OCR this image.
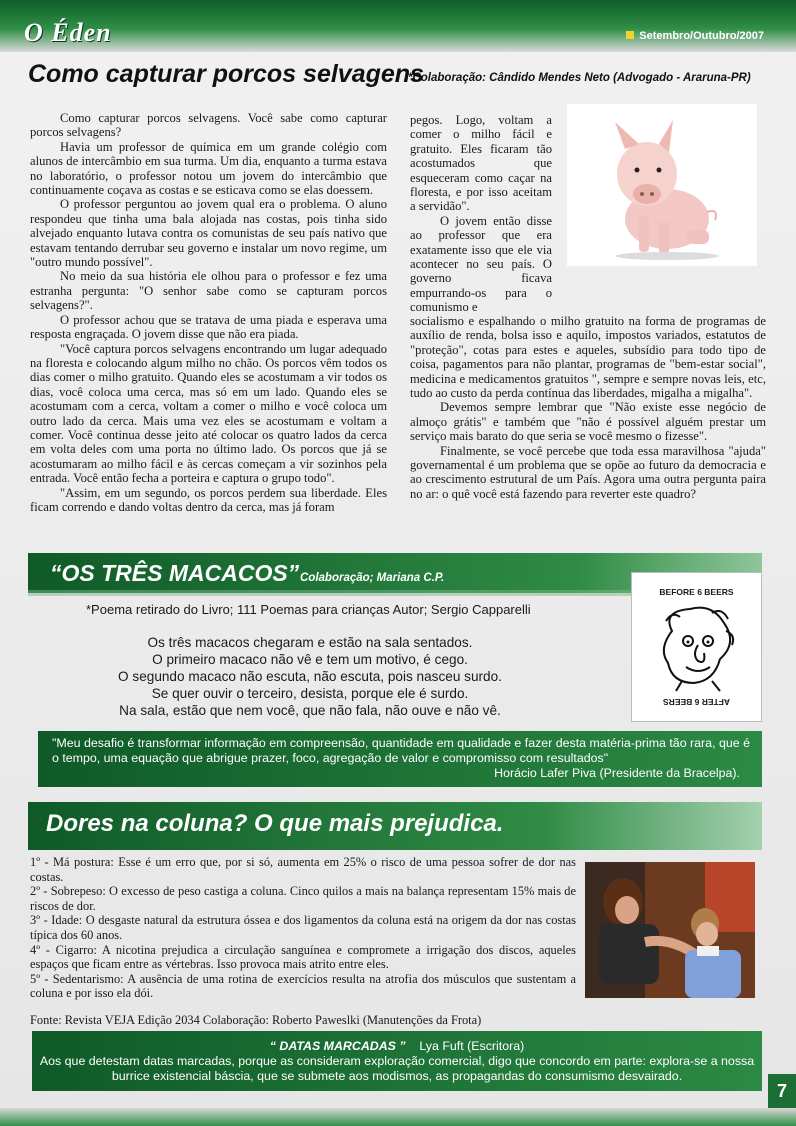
O Éden	Setembro/Outubro/2007
Como capturar porcos selvagens
*Colaboração: Cândido Mendes Neto (Advogado - Araruna-PR)

Como capturar porcos selvagens. Você sabe como capturar porcos selvagens?

Havia um professor de química em um grande colégio com alunos de intercâmbio em sua turma. Um dia, enquanto a turma estava no laboratório, o professor notou um jovem do intercâmbio que continuamente coçava as costas e se esticava como se elas doessem.

O professor perguntou ao jovem qual era o problema. O aluno respondeu que tinha uma bala alojada nas costas, pois tinha sido alvejado enquanto lutava contra os comunistas de seu país nativo que estavam tentando derrubar seu governo e instalar um novo regime, um "outro mundo possível".

No meio da sua história ele olhou para o professor e fez uma estranha pergunta: "O senhor sabe como se capturam porcos selvagens?".

O professor achou que se tratava de uma piada e esperava uma resposta engraçada. O jovem disse que não era piada.

"Você captura porcos selvagens encontrando um lugar adequado na floresta e colocando algum milho no chão. Os porcos vêm todos os dias comer o milho gratuito. Quando eles se acostumam a vir todos os dias, você coloca uma cerca, mas só em um lado. Quando eles se acostumam com a cerca, voltam a comer o milho e você coloca um outro lado da cerca. Mais uma vez eles se acostumam e voltam a comer. Você continua desse jeito até colocar os quatro lados da cerca em volta deles com uma porta no último lado. Os porcos que já se acostumaram ao milho fácil e às cercas começam a vir sozinhos pela entrada. Você então fecha a porteira e captura o grupo todo".

"Assim, em um segundo, os porcos perdem sua liberdade. Eles ficam correndo e dando voltas dentro da cerca, mas já foram

pegos. Logo, voltam a comer o milho fácil e gratuito. Eles ficaram tão acostumados que esqueceram como caçar na floresta, e por isso aceitam a servidão".

O jovem então disse ao professor que era exatamente isso que ele via acontecer no seu país. O governo ficava empurrando-os para o comunismo e

socialismo e espalhando o milho gratuito na forma de programas de auxílio de renda, bolsa isso e aquilo, impostos variados, estatutos de "proteção", cotas para estes e aqueles, subsídio para todo tipo de coisa, pagamentos para não plantar, programas de "bem-estar social", medicina e medicamentos gratuitos ", sempre e sempre novas leis, etc, tudo ao custo da perda contínua das liberdades, migalha a migalha".

Devemos sempre lembrar que "Não existe esse negócio de almoço grátis" e também que "não é possível alguém prestar um serviço mais barato do que seria se você mesmo o fizesse".

Finalmente, se você percebe que toda essa maravilhosa "ajuda" governamental é um problema que se opõe ao futuro da democracia e ao crescimento estrutural de um País. Agora uma outra pergunta paira no ar: o quê você está fazendo para reverter este quadro?

“OS TRÊS MACACOS” Colaboração; Mariana C.P.
*Poema retirado do Livro; 111 Poemas para crianças Autor; Sergio Capparelli
Os três macacos chegaram e estão na sala sentados.
O primeiro macaco não vê e tem um motivo, é cego.
O segundo macaco não escuta, não escuta, pois nasceu surdo.
Se quer ouvir o terceiro, desista, porque ele é surdo.
Na sala, estão que nem você, que não fala, não ouve e não vê.
BEFORE 6 BEERS
AFTER 6 BEERS
"Meu desafio é transformar informação em compreensão, quantidade em qualidade e fazer desta matéria-prima tão rara, que é o tempo, uma equação que abrigue prazer, foco, agregação de valor e compromisso com resultados"
Horácio Lafer Piva (Presidente da Bracelpa).
Dores na coluna? O que mais prejudica.
1º - Má postura: Esse é um erro que, por si só, aumenta em 25% o risco de uma pessoa sofrer de dor nas costas.
2º - Sobrepeso: O excesso de peso castiga a coluna. Cinco quilos a mais na balança representam 15% mais de riscos de dor.
3º - Idade: O desgaste natural da estrutura óssea e dos ligamentos da coluna está na origem da dor nas costas típica dos 60 anos.
4º - Cigarro: A nicotina prejudica a circulação sanguínea e compromete a irrigação dos discos, aqueles espaços que ficam entre as vértebras. Isso provoca mais atrito entre eles.
5º - Sedentarismo: A ausência de uma rotina de exercícios resulta na atrofia dos músculos que sustentam a coluna e por isso ela dói.
Fonte: Revista VEJA Edição 2034 Colaboração: Roberto Paweslki (Manutenções da Frota)
“ DATAS MARCADAS ” Lya Fuft (Escritora)
Aos que detestam datas marcadas, porque as consideram exploração comercial, digo que concordo em parte: explora-se a nossa burrice existencial báscia, que se submete aos modismos, as propagandas do consumismo desvairado.
7
